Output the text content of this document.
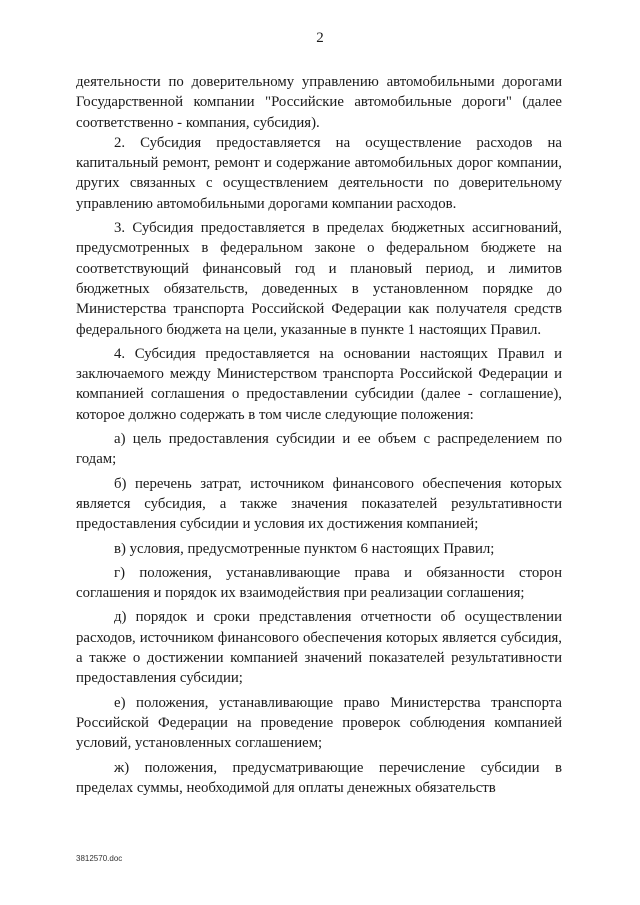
2

деятельности по доверительному управлению автомобильными дорогами Государственной компании "Российские автомобильные дороги" (далее соответственно - компания, субсидия).

2. Субсидия предоставляется на осуществление расходов на капитальный ремонт, ремонт и содержание автомобильных дорог компании, других связанных с осуществлением деятельности по доверительному управлению автомобильными дорогами компании расходов.

3. Субсидия предоставляется в пределах бюджетных ассигнований, предусмотренных в федеральном законе о федеральном бюджете на соответствующий финансовый год и плановый период, и лимитов бюджетных обязательств, доведенных в установленном порядке до Министерства транспорта Российской Федерации как получателя средств федерального бюджета на цели, указанные в пункте 1 настоящих Правил.

4. Субсидия предоставляется на основании настоящих Правил и заключаемого между Министерством транспорта Российской Федерации и компанией соглашения о предоставлении субсидии (далее - соглашение), которое должно содержать в том числе следующие положения:

а) цель предоставления субсидии и ее объем с распределением по годам;

б) перечень затрат, источником финансового обеспечения которых является субсидия, а также значения показателей результативности предоставления субсидии и условия их достижения компанией;

в) условия, предусмотренные пунктом 6 настоящих Правил;

г) положения, устанавливающие права и обязанности сторон соглашения и порядок их взаимодействия при реализации соглашения;

д) порядок и сроки представления отчетности об осуществлении расходов, источником финансового обеспечения которых является субсидия, а также о достижении компанией значений показателей результативности предоставления субсидии;

е) положения, устанавливающие право Министерства транспорта Российской Федерации на проведение проверок соблюдения компанией условий, установленных соглашением;

ж) положения, предусматривающие перечисление субсидии в пределах суммы, необходимой для оплаты денежных обязательств

3812570.doc
